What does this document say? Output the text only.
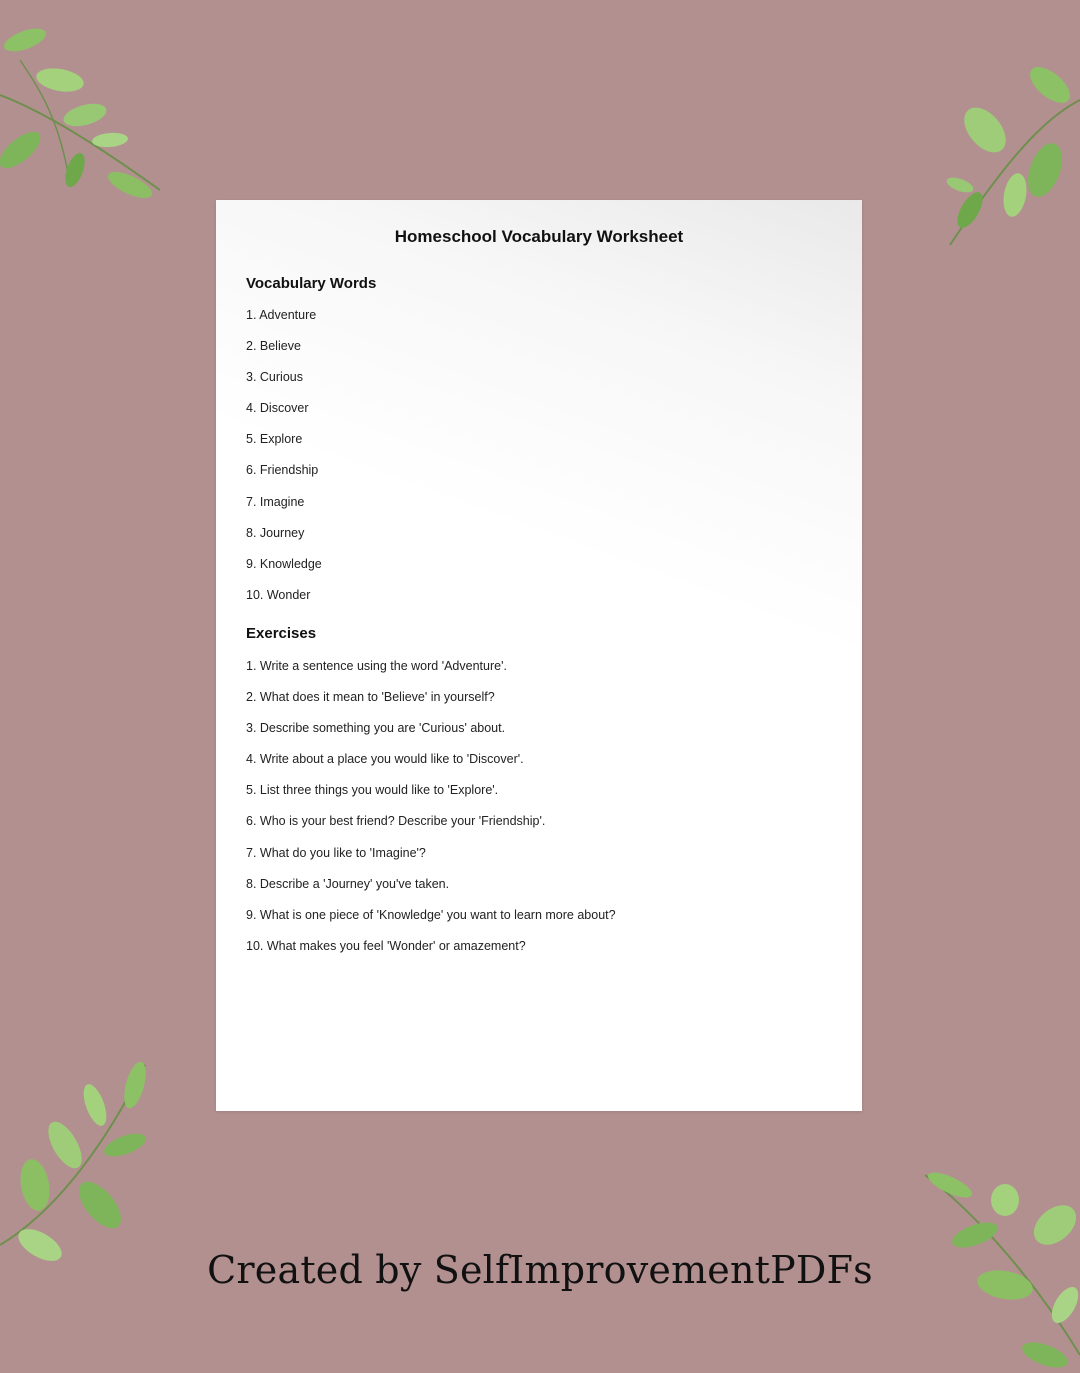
Homeschool Vocabulary Worksheet
Vocabulary Words
1. Adventure
2. Believe
3. Curious
4. Discover
5. Explore
6. Friendship
7. Imagine
8. Journey
9. Knowledge
10. Wonder
Exercises
1. Write a sentence using the word 'Adventure'.
2. What does it mean to 'Believe' in yourself?
3. Describe something you are 'Curious' about.
4. Write about a place you would like to 'Discover'.
5. List three things you would like to 'Explore'.
6. Who is your best friend? Describe your 'Friendship'.
7. What do you like to 'Imagine'?
8. Describe a 'Journey' you've taken.
9. What is one piece of 'Knowledge' you want to learn more about?
10. What makes you feel 'Wonder' or amazement?
Created by SelfImprovementPDFs
